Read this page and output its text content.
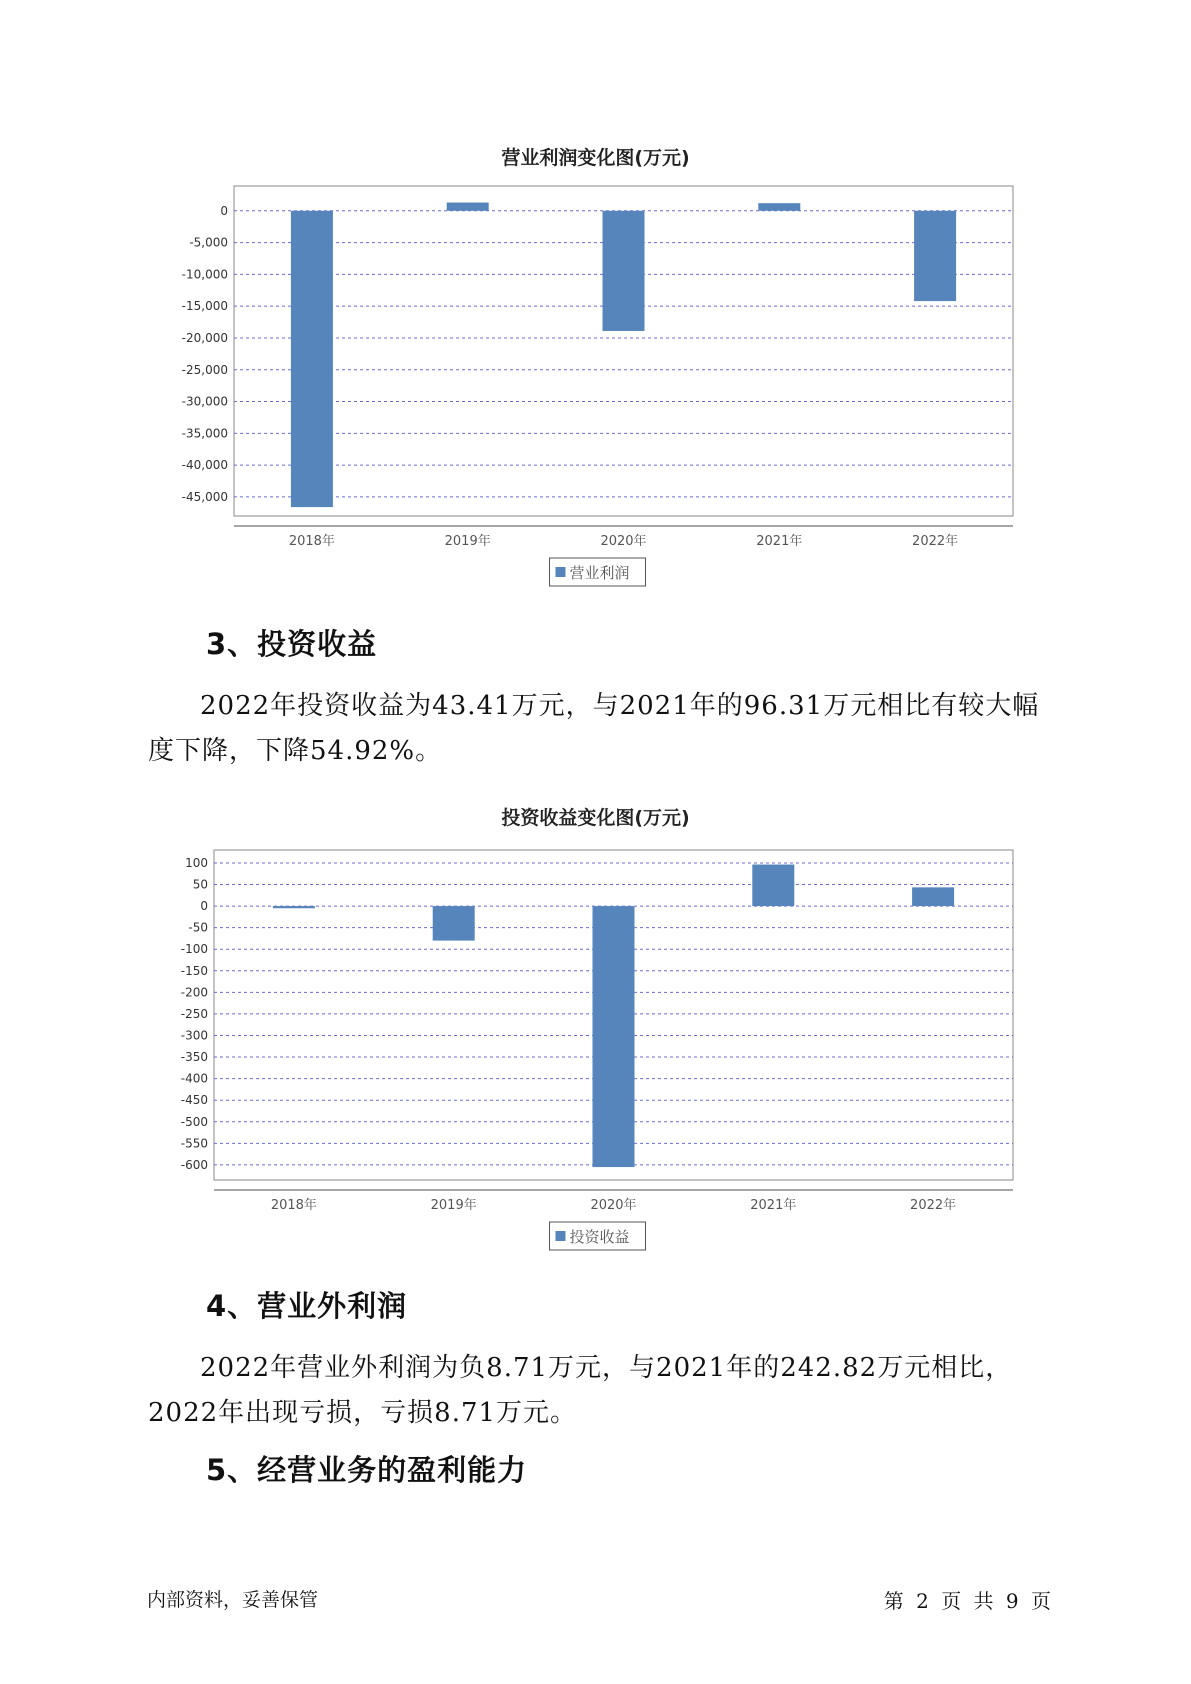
营业利润变化图(万元)
0
-5,000
-10,000
-15,000
-20,000
-25,000
-30,000
-35,000
-40,000
-45,000
2018年	2019年	2020年	2021年	2022年
营业利润
3、投资收益
2022年投资收益为43.41万元，与2021年的96.31万元相比有较大幅度下降，下降54.92%。
投资收益变化图(万元)
100
50
0
-50
-100
-150
-200
-250
-300
-350
-400
-450
-500
-550
-600
2018年	2019年	2020年	2021年	2022年
投资收益
4、营业外利润
2022年营业外利润为负8.71万元，与2021年的242.82万元相比，2022年出现亏损，亏损8.71万元。
5、经营业务的盈利能力
内部资料，妥善保管	第 2 页 共 9 页
